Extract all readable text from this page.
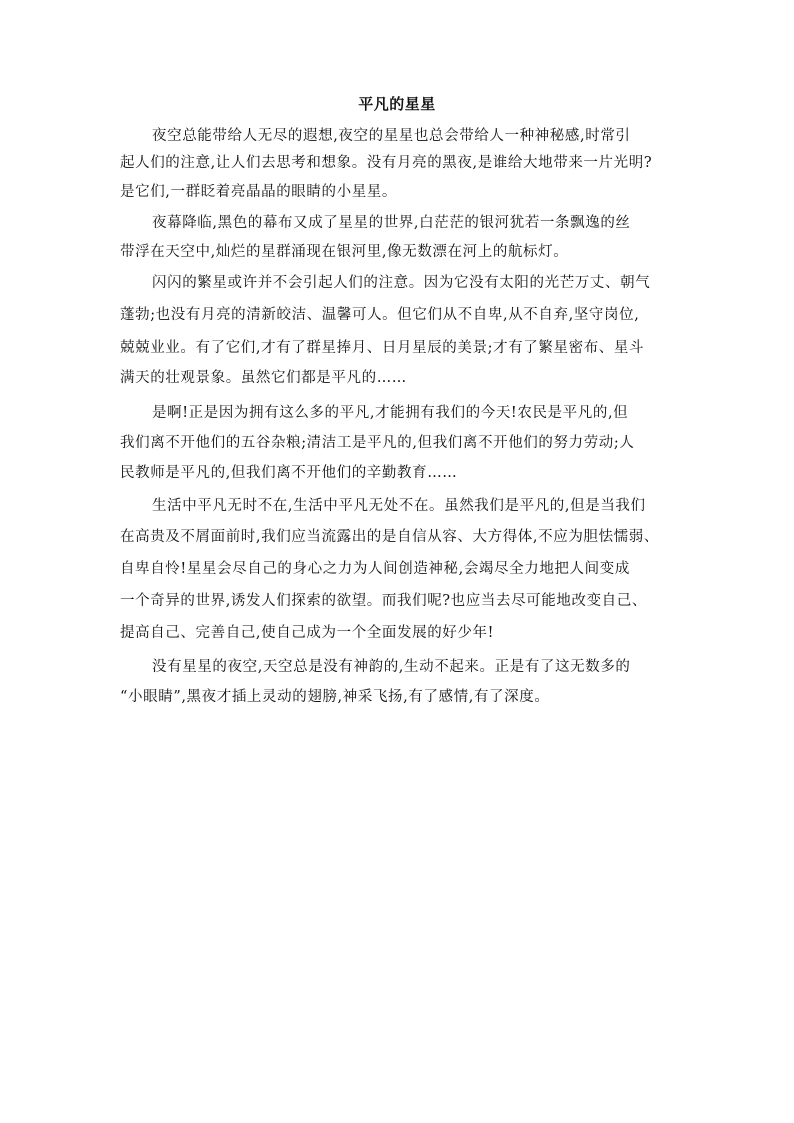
平凡的星星
夜空总能带给人无尽的遐想,夜空的星星也总会带给人一种神秘感,时常引
起人们的注意,让人们去思考和想象。没有月亮的黑夜,是谁给大地带来一片光明?
是它们,一群眨着亮晶晶的眼睛的小星星。
夜幕降临,黑色的幕布又成了星星的世界,白茫茫的银河犹若一条飘逸的丝
带浮在天空中,灿烂的星群涌现在银河里,像无数漂在河上的航标灯。
闪闪的繁星或许并不会引起人们的注意。因为它没有太阳的光芒万丈、朝气
蓬勃;也没有月亮的清新皎洁、温馨可人。但它们从不自卑,从不自弃,坚守岗位,
兢兢业业。有了它们,才有了群星捧月、日月星辰的美景;才有了繁星密布、星斗
满天的壮观景象。虽然它们都是平凡的……
是啊!正是因为拥有这么多的平凡,才能拥有我们的今天!农民是平凡的,但
我们离不开他们的五谷杂粮;清洁工是平凡的,但我们离不开他们的努力劳动;人
民教师是平凡的,但我们离不开他们的辛勤教育……
生活中平凡无时不在,生活中平凡无处不在。虽然我们是平凡的,但是当我们
在高贵及不屑面前时,我们应当流露出的是自信从容、大方得体,不应为胆怯懦弱、
自卑自怜!星星会尽自己的身心之力为人间创造神秘,会竭尽全力地把人间变成
一个奇异的世界,诱发人们探索的欲望。而我们呢?也应当去尽可能地改变自己、
提高自己、完善自己,使自己成为一个全面发展的好少年!
没有星星的夜空,天空总是没有神韵的,生动不起来。正是有了这无数多的
“小眼睛”,黑夜才插上灵动的翅膀,神采飞扬,有了感情,有了深度。
